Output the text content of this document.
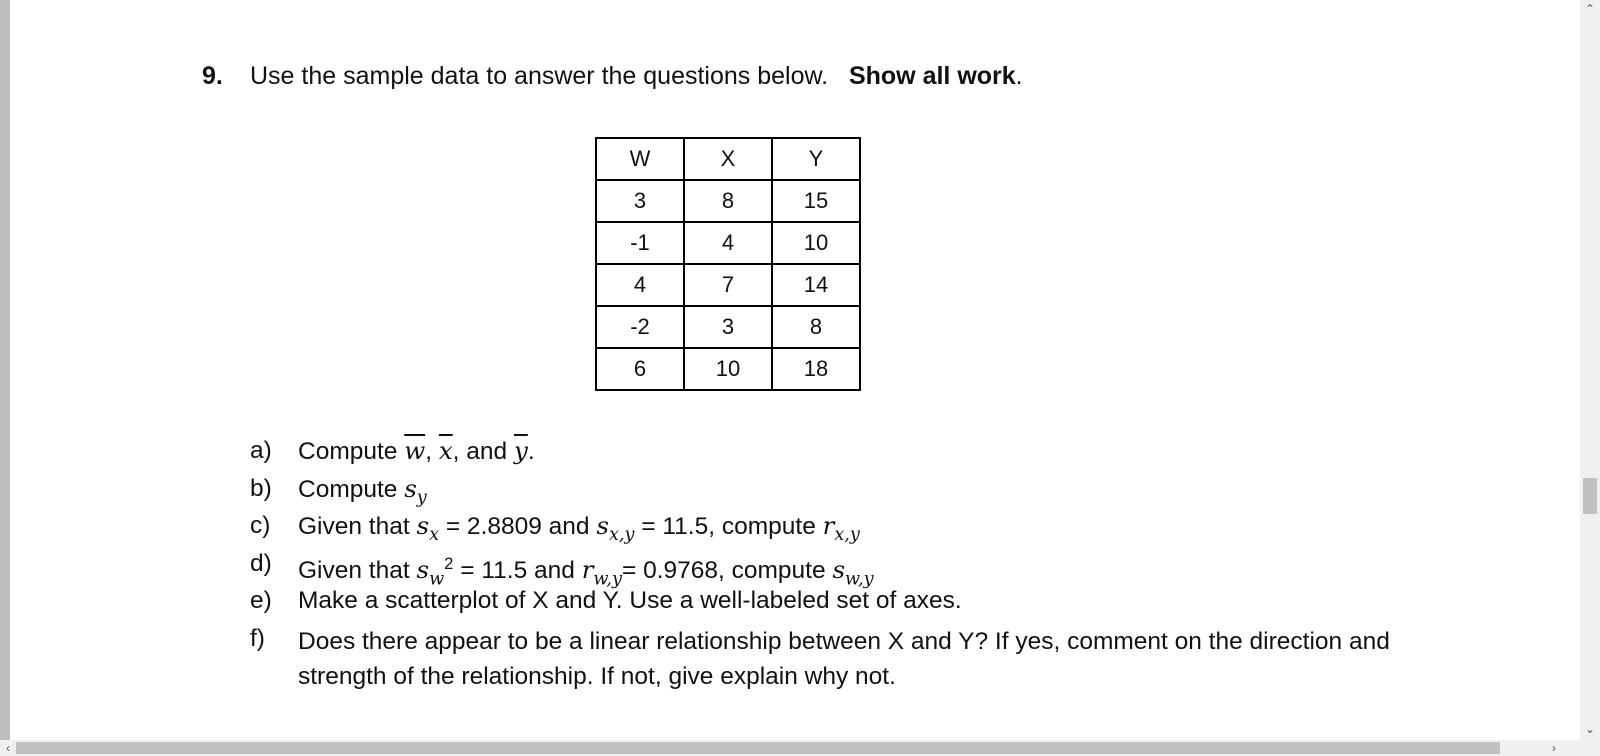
9. Use the sample data to answer the questions below. Show all work.
W	X	Y
3	8	15
-1	4	10
4	7	14
-2	3	8
6	10	18
a) Compute $\overline{w}$, $\overline{x}$, and $\overline{y}$.
b) Compute $s_y$
c) Given that $s_x = 2.8809$ and $s_{x,y} = 11.5$, compute $r_{x,y}$
d) Given that $s_w^2 = 11.5$ and $r_{w,y}= 0.9768$, compute $s_{w,y}$
e) Make a scatterplot of X and Y. Use a well-labeled set of axes.
f) Does there appear to be a linear relationship between X and Y? If yes, comment on the direction and strength of the relationship. If not, give explain why not.
⌃
⌄
‹	›
